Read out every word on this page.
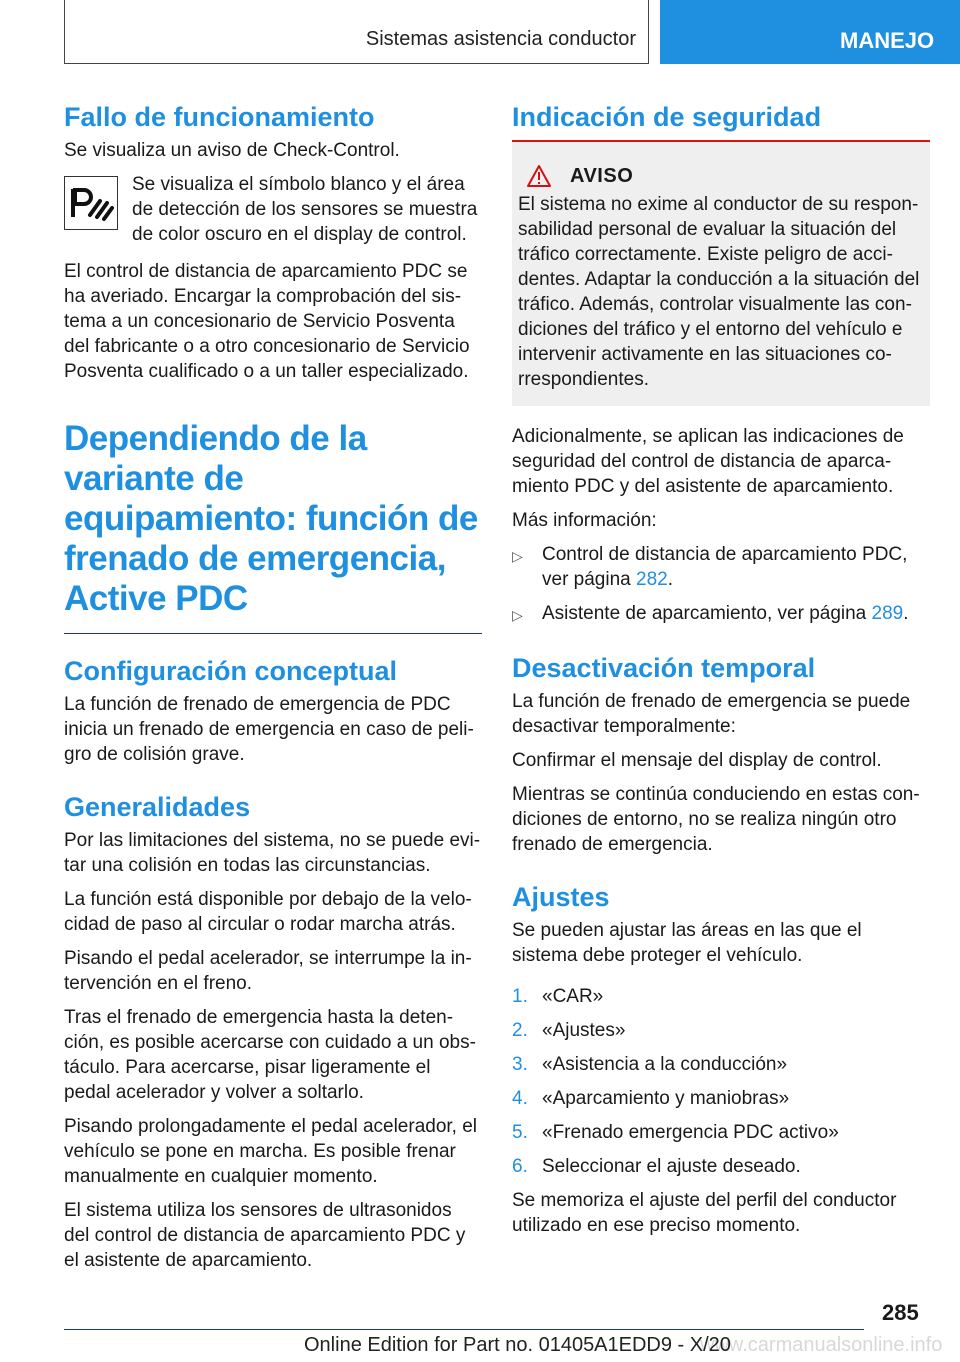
Sistemas asistencia conductor	MANEJO
Fallo de funcionamiento

Se visualiza un aviso de Check-Control.

Se visualiza el símbolo blanco y el área de detección de los sensores se muestra de color oscuro en el display de control.

El control de distancia de aparcamiento PDC se ha averiado. Encargar la comprobación del sistema a un concesionario de Servicio Posventa del fabricante o a otro concesionario de Servicio Posventa cualificado o a un taller especializado.

Dependiendo de la variante de equipamiento: función de frenado de emergencia, Active PDC
Configuración conceptual

La función de frenado de emergencia de PDC inicia un frenado de emergencia en caso de peligro de colisión grave.

Generalidades

Por las limitaciones del sistema, no se puede evitar una colisión en todas las circunstancias.

La función está disponible por debajo de la velocidad de paso al circular o rodar marcha atrás.

Pisando el pedal acelerador, se interrumpe la intervención en el freno.

Tras el frenado de emergencia hasta la detención, es posible acercarse con cuidado a un obstáculo. Para acercarse, pisar ligeramente el pedal acelerador y volver a soltarlo.

Pisando prolongadamente el pedal acelerador, el vehículo se pone en marcha. Es posible frenar manualmente en cualquier momento.

El sistema utiliza los sensores de ultrasonidos del control de distancia de aparcamiento PDC y el asistente de aparcamiento.

Indicación de seguridad
AVISO

El sistema no exime al conductor de su responsabilidad personal de evaluar la situación del tráfico correctamente. Existe peligro de accidentes. Adaptar la conducción a la situación del tráfico. Además, controlar visualmente las condiciones del tráfico y el entorno del vehículo e intervenir activamente en las situaciones correspondientes.

Adicionalmente, se aplican las indicaciones de seguridad del control de distancia de aparcamiento PDC y del asistente de aparcamiento.

Más información:

▷	Control de distancia de aparcamiento PDC, ver página 282.
▷	Asistente de aparcamiento, ver página 289.
Desactivación temporal

La función de frenado de emergencia se puede desactivar temporalmente:

Confirmar el mensaje del display de control.

Mientras se continúa conduciendo en estas condiciones de entorno, no se realiza ningún otro frenado de emergencia.

Ajustes

Se pueden ajustar las áreas en las que el sistema debe proteger el vehículo.

1. «CAR»
2. «Ajustes»
3. «Asistencia a la conducción»
4. «Aparcamiento y maniobras»
5. «Frenado emergencia PDC activo»
6. Seleccionar el ajuste deseado.

Se memoriza el ajuste del perfil del conductor utilizado en ese preciso momento.

285
www.carmanualsonline.info
Online Edition for Part no. 01405A1EDD9 - X/20
